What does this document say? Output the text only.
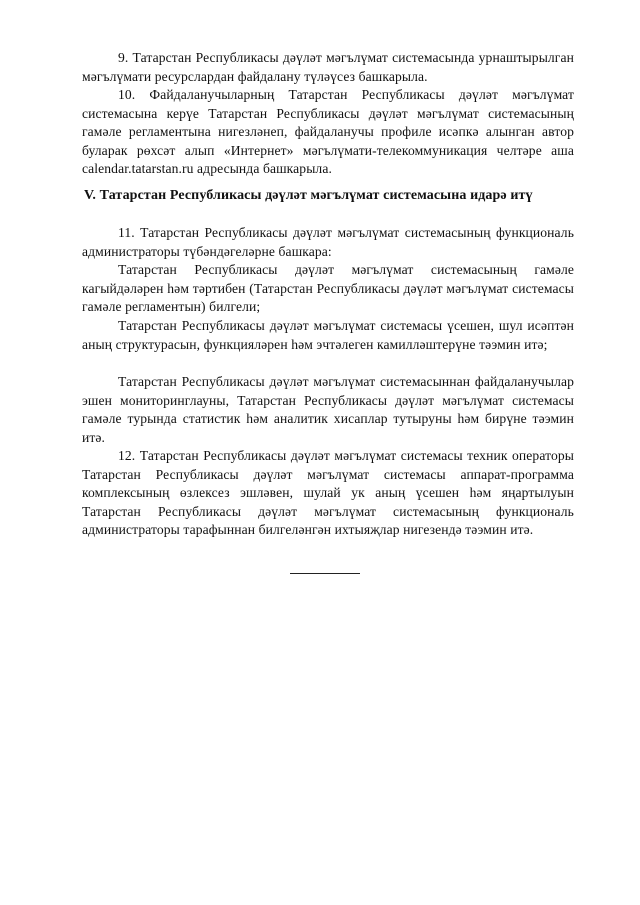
9. Татарстан Республикасы дәүләт мәгълүмат системасында урнаштырылган мәгълүмати ресурслардан файдалану түләүсез башкарыла.

10. Файдаланучыларның Татарстан Республикасы дәүләт мәгълүмат системасына керүе Татарстан Республикасы дәүләт мәгълүмат системасының гамәле регламентына нигезләнеп, файдаланучы профиле исәпкә алынган автор буларак рөхсәт алып «Интернет» мәгълүмати-телекоммуникация челтәре аша calendar.tatarstan.ru адресында башкарыла.

V. Татарстан Республикасы дәүләт мәгълүмат системасына идарә итү

11. Татарстан Республикасы дәүләт мәгълүмат системасының функциональ администраторы түбәндәгеләрне башкара:

Татарстан Республикасы дәүләт мәгълүмат системасының гамәле кагыйдәләрен һәм тәртибен (Татарстан Республикасы дәүләт мәгълүмат системасы гамәле регламентын) билгели;

Татарстан Республикасы дәүләт мәгълүмат системасы үсешен, шул исәптән аның структурасын, функцияләрен һәм эчтәлеген камилләштерүне тәэмин итә;

Татарстан Республикасы дәүләт мәгълүмат системасыннан файдаланучылар эшен мониторинглауны, Татарстан Республикасы дәүләт мәгълүмат системасы гамәле турында статистик һәм аналитик хисаплар тутыруны һәм бирүне тәэмин итә.

12. Татарстан Республикасы дәүләт мәгълүмат системасы техник операторы Татарстан Республикасы дәүләт мәгълүмат системасы аппарат-программа комплексының өзлексез эшләвен, шулай ук аның үсешен һәм яңартылуын Татарстан Республикасы дәүләт мәгълүмат системасының функциональ администраторы тарафыннан билгеләнгән ихтыяҗлар нигезендә тәэмин итә.
